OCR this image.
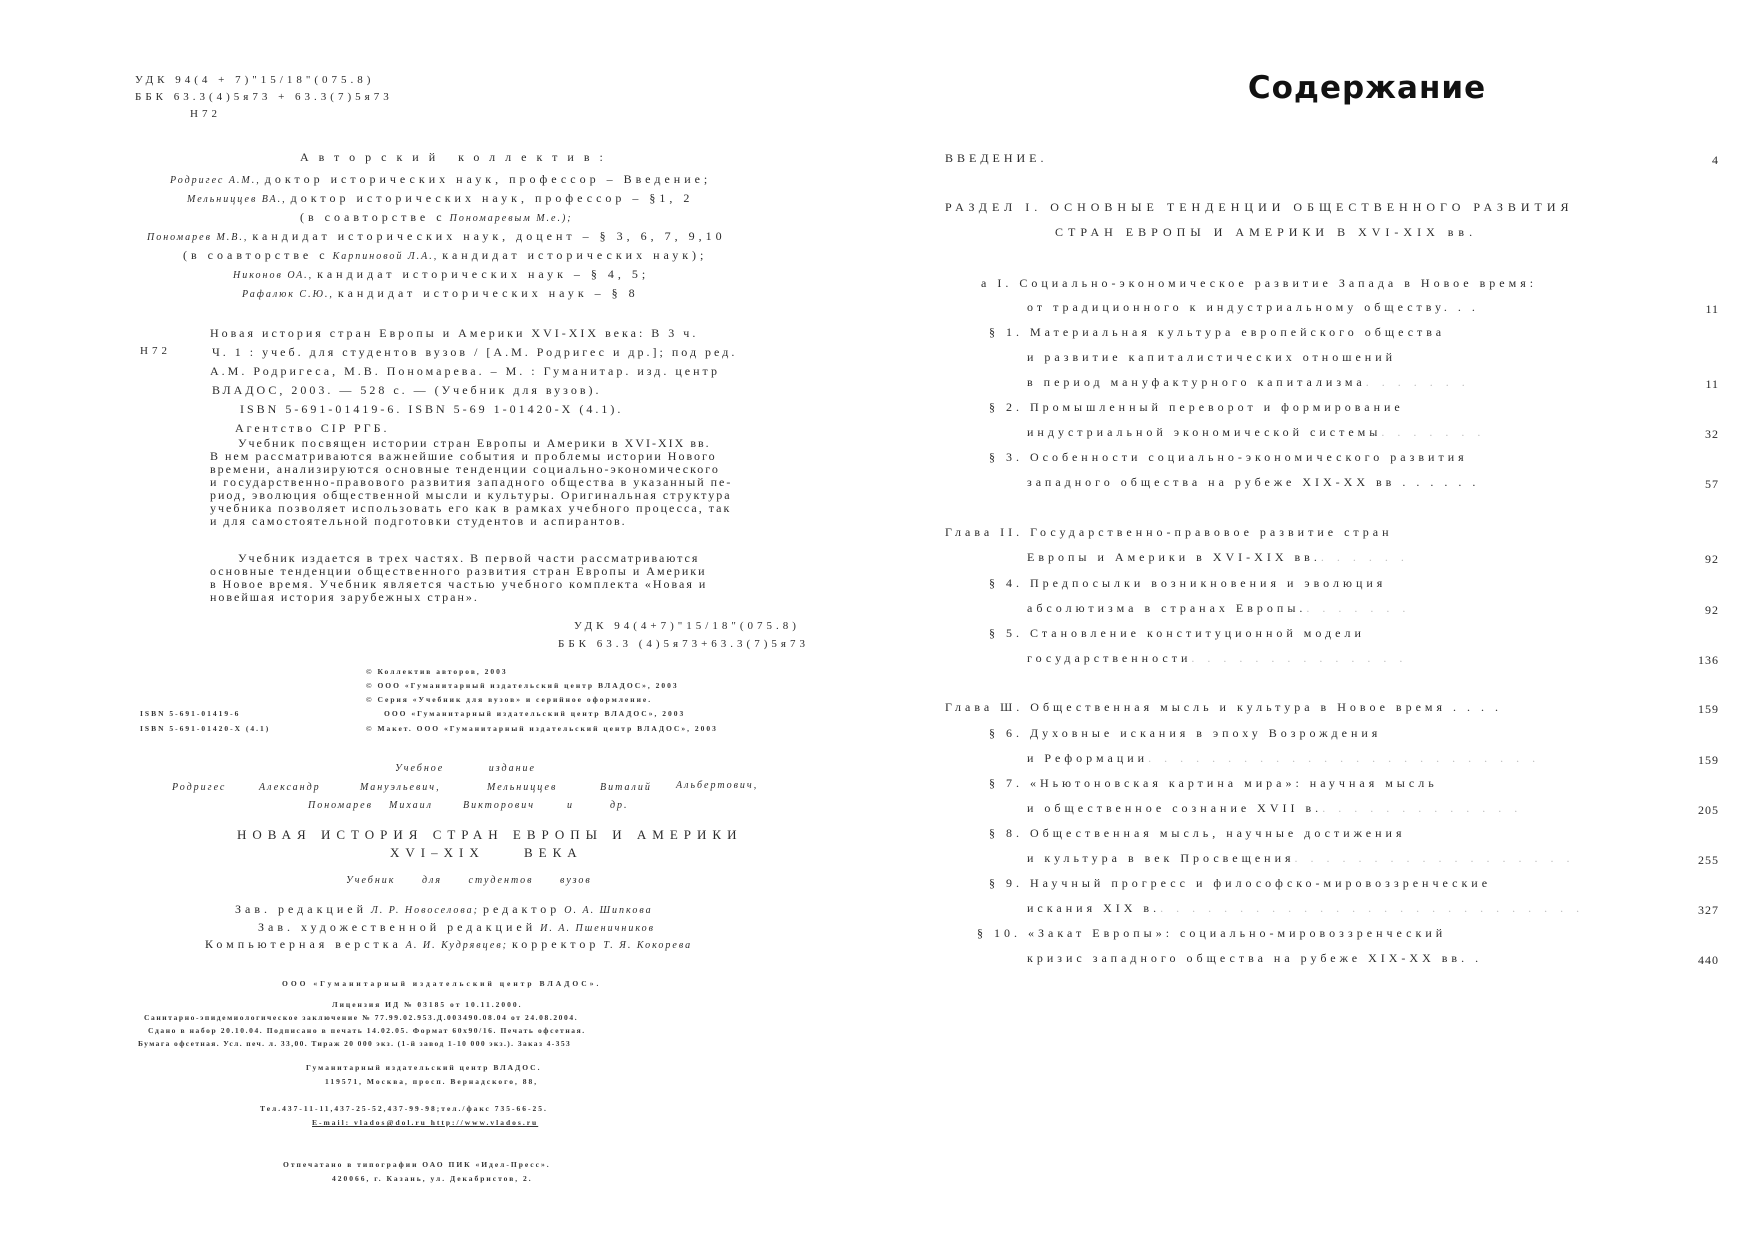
УДК 94(4 + 7)"15/18"(075.8)
ББК 63.3(4)5я73 + 63.3(7)5я73
Н72
Авторский коллектив:
Родригес А.М., доктор исторических наук, профессор – Введение;
Мельниццев ВА., доктор исторических наук, профессор – §1, 2
(в соавторстве с Пономаревым М.е.);
Пономарев М.В., кандидат исторических наук, доцент – § 3, 6, 7, 9,10
(в соавторстве с Карпиновой Л.А., кандидат исторических наук);
Никонов ОА., кандидат исторических наук – § 4, 5;
Рафалюк С.Ю., кандидат исторических наук – § 8
Н72
Новая история стран Европы и Америки XVI-XIX века: В 3 ч.
Ч. 1 : учеб. для студентов вузов / [А.М. Родригес и др.]; под ред.
А.М. Родригеса, М.В. Пономарева. – М. : Гуманитар. изд. центр
ВЛАДОС, 2003. — 528 с. — (Учебник для вузов).
ISBN 5-691-01419-6. ISBN 5-69 1-01420-Х (4.1).
Агентство CIP РГБ.
Учебник посвящен истории стран Европы и Америки в XVI-XIX вв.
В нем рассматриваются важнейшие события и проблемы истории Нового
времени, анализируются основные тенденции социально-экономического
и государственно-правового развития западного общества в указанный пе-
риод, эволюция общественной мысли и культуры. Оригинальная структура
учебника позволяет использовать его как в рамках учебного процесса, так
и для самостоятельной подготовки студентов и аспирантов.
Учебник издается в трех частях. В первой части рассматриваются
основные тенденции общественного развития стран Европы и Америки
в Новое время. Учебник является частью учебного комплекта «Новая и
новейшая история зарубежных стран».
УДК 94(4+7)"15/18"(075.8)
ББК 63.3 (4)5я73+63.3(7)5я73
© Коллектив авторов, 2003
© ООО «Гуманитарный издательский центр ВЛАДОС», 2003
© Серия «Учебник для вузов» и серийное оформление.
ООО «Гуманитарный издательский центр ВЛАДОС», 2003
© Макет. ООО «Гуманитарный издательский центр ВЛАДОС», 2003
ISBN 5-691-01419-6
ISBN 5-691-01420-Х (4.1)
Учебное издание
Родригес	Александр	Мануэльевич,	Мельниццев	Виталий Альбертович,
Пономарев Михаил	Викторович	и	др.
НОВАЯ ИСТОРИЯ СТРАН ЕВРОПЫ И АМЕРИКИ
XVI–XIX ВЕКА
Учебник для студентов вузов
Зав. редакцией Л. Р. Новоселова; редактор О. А. Шипкова
Зав. художественной редакцией И. А. Пшеничников
Компьютерная верстка А. И. Кудрявцев; корректор Т. Я. Кокорева
ООО «Гуманитарный издательский центр ВЛАДОС».
Лицензия ИД № 03185 от 10.11.2000.
Санитарно-эпидемиологическое заключение № 77.99.02.953.Д.003490.08.04 от 24.08.2004.
Сдано в набор 20.10.04. Подписано в печать 14.02.05. Формат 60х90/16. Печать офсетная.
Бумага офсетная. Усл. печ. л. 33,00. Тираж 20 000 экз. (1-й завод 1-10 000 экз.). Заказ 4-353
Гуманитарный издательский центр ВЛАДОС.
119571, Москва, просп. Вернадского, 88,
Тел.437-11-11,437-25-52,437-99-98;тел./факс 735-66-25.
E-mail: vlados@dol.ru http://www.vlados.ru
Отпечатано в типографии ОАО ПИК «Идел-Пресс».
420066, г. Казань, ул. Декабристов, 2.
Содержание
ВВЕДЕНИЕ.	4
РАЗДЕЛ I. ОСНОВНЫЕ ТЕНДЕНЦИИ ОБЩЕСТВЕННОГО РАЗВИТИЯ
СТРАН ЕВРОПЫ И АМЕРИКИ В XVI-XIX вв.
а I. Социально-экономическое развитие Запада в Новое время:
от традиционного к индустриальному обществу. . .	11
§ 1. Материальная культура европейского общества
и развитие капиталистических отношений
в период мануфактурного капитализма. . . . . . .	11
§ 2. Промышленный переворот и формирование
индустриальной экономической системы. . . . . . .	32
§ 3. Особенности социально-экономического развития
западного общества на рубеже XIX-XX вв . . . . . .	57
Глава II. Государственно-правовое развитие стран
Европы и Америки в XVI-XIX вв.. . . . . .	92
§ 4. Предпосылки возникновения и эволюция
абсолютизма в странах Европы.. . . . . . .	92
§ 5. Становление конституционной модели
государственности. . . . . . . . . . . . . .	136
Глава Ш. Общественная мысль и культура в Новое время . . . .	159
§ 6. Духовные искания в эпоху Возрождения
и Реформации. . . . . . . . . . . . . . . . . . . . . . . . .	159
§ 7. «Ньютоновская картина мира»: научная мысль
и общественное сознание XVII в.. . . . . . . . . . . . .	205
§ 8. Общественная мысль, научные достижения
и культура в век Просвещения. . . . . . . . . . . . . . . . . .	255
§ 9. Научный прогресс и философско-мировоззренческие
искания XIX в.. . . . . . . . . . . . . . . . . . . . . . . . . . .	327
§ 10. «Закат Европы»: социально-мировоззренческий
кризис западного общества на рубеже XIX-XX вв. .	440
